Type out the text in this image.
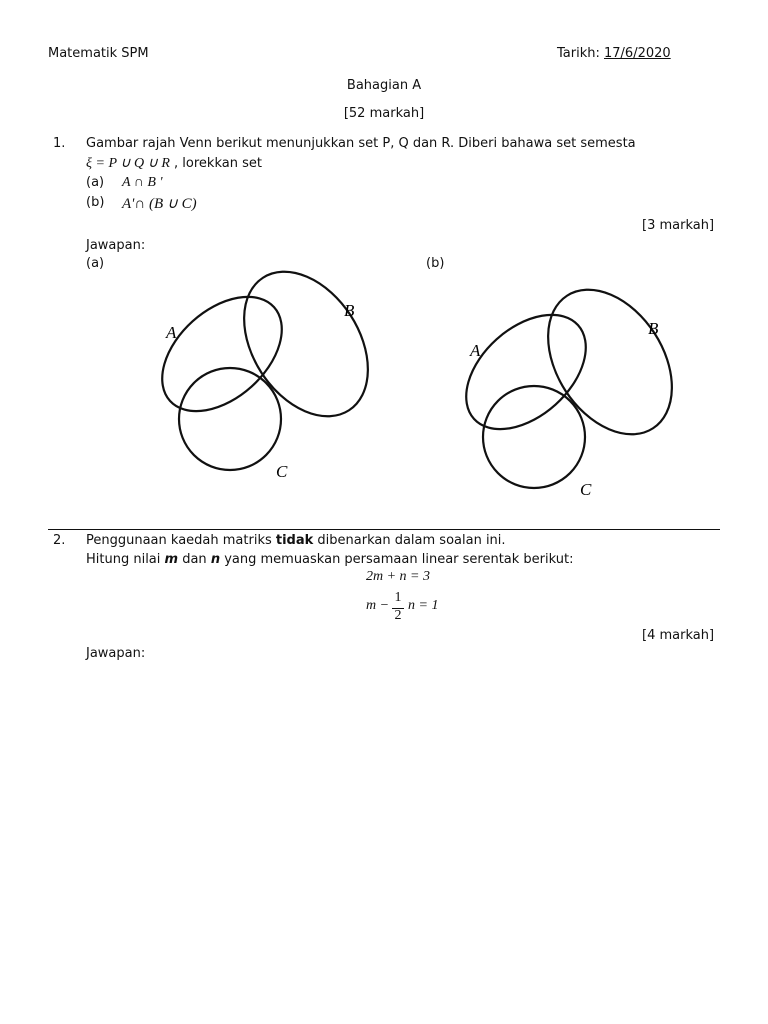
Matematik SPM	Tarikh: 17/6/2020
Bahagian A
[52 markah]
1. Gambar rajah Venn berikut menunjukkan set P, Q dan R. Diberi bahawa set semesta
ξ = P ∪ Q ∪ R , lorekkan set
(a) A ∩ B '
(b) A'∩ (B ∪ C)
[3 markah]
Jawapan:
(a)	(b)
A
B
C
A
B
C
2. Penggunaan kaedah matriks tidak dibenarkan dalam soalan ini.
Hitung nilai m dan n yang memuaskan persamaan linear serentak berikut:
2m + n = 3
m −
1
2
n = 1
[4 markah]
Jawapan:
